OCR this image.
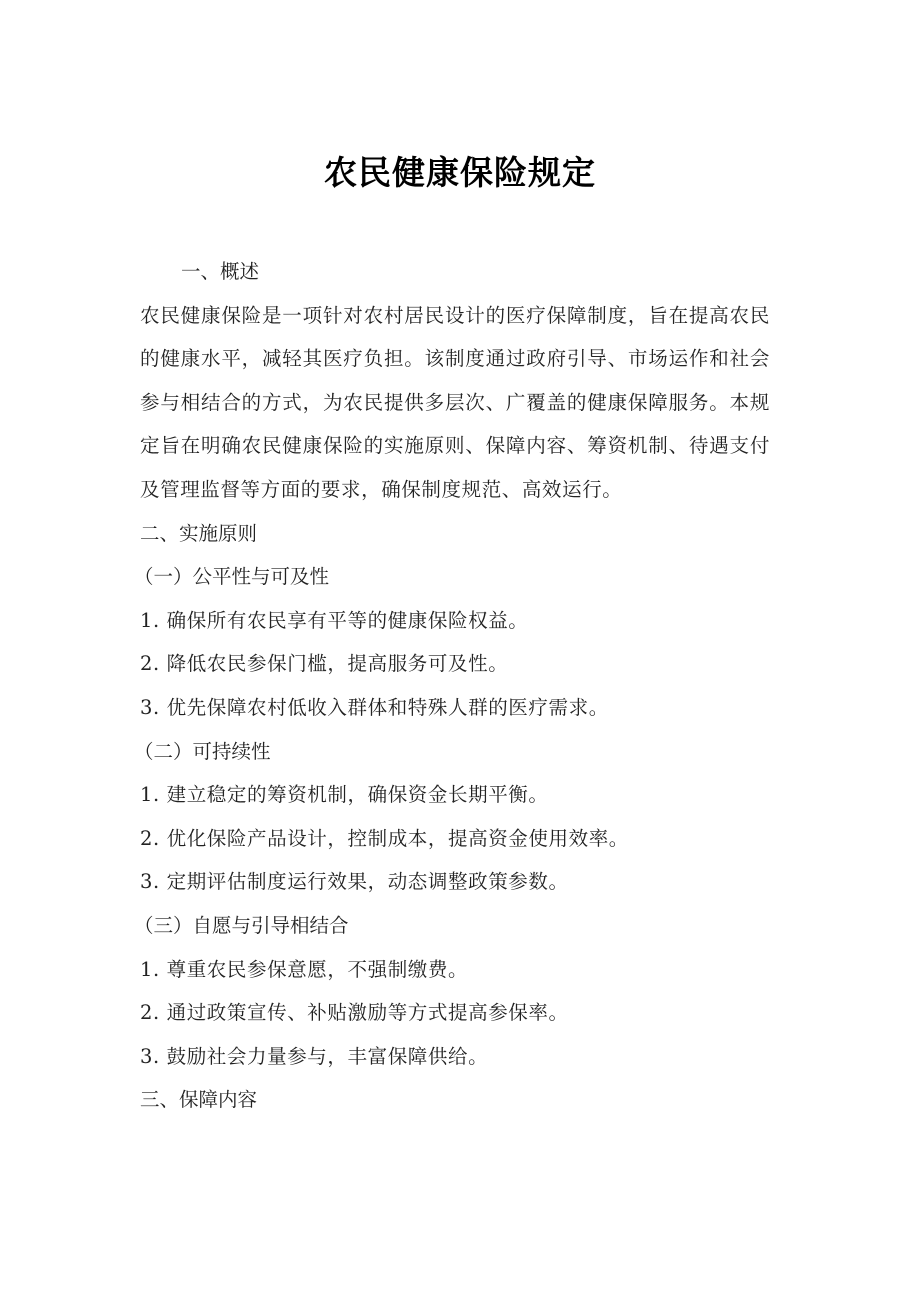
农民健康保险规定

一、概述

农民健康保险是一项针对农村居民设计的医疗保障制度，旨在提高农民的健康水平，减轻其医疗负担。该制度通过政府引导、市场运作和社会参与相结合的方式，为农民提供多层次、广覆盖的健康保障服务。本规定旨在明确农民健康保险的实施原则、保障内容、筹资机制、待遇支付及管理监督等方面的要求，确保制度规范、高效运行。

二、实施原则

（一）公平性与可及性

1. 确保所有农民享有平等的健康保险权益。

2. 降低农民参保门槛，提高服务可及性。

3. 优先保障农村低收入群体和特殊人群的医疗需求。

（二）可持续性

1. 建立稳定的筹资机制，确保资金长期平衡。

2. 优化保险产品设计，控制成本，提高资金使用效率。

3. 定期评估制度运行效果，动态调整政策参数。

（三）自愿与引导相结合

1. 尊重农民参保意愿，不强制缴费。

2. 通过政策宣传、补贴激励等方式提高参保率。

3. 鼓励社会力量参与，丰富保障供给。

三、保障内容
